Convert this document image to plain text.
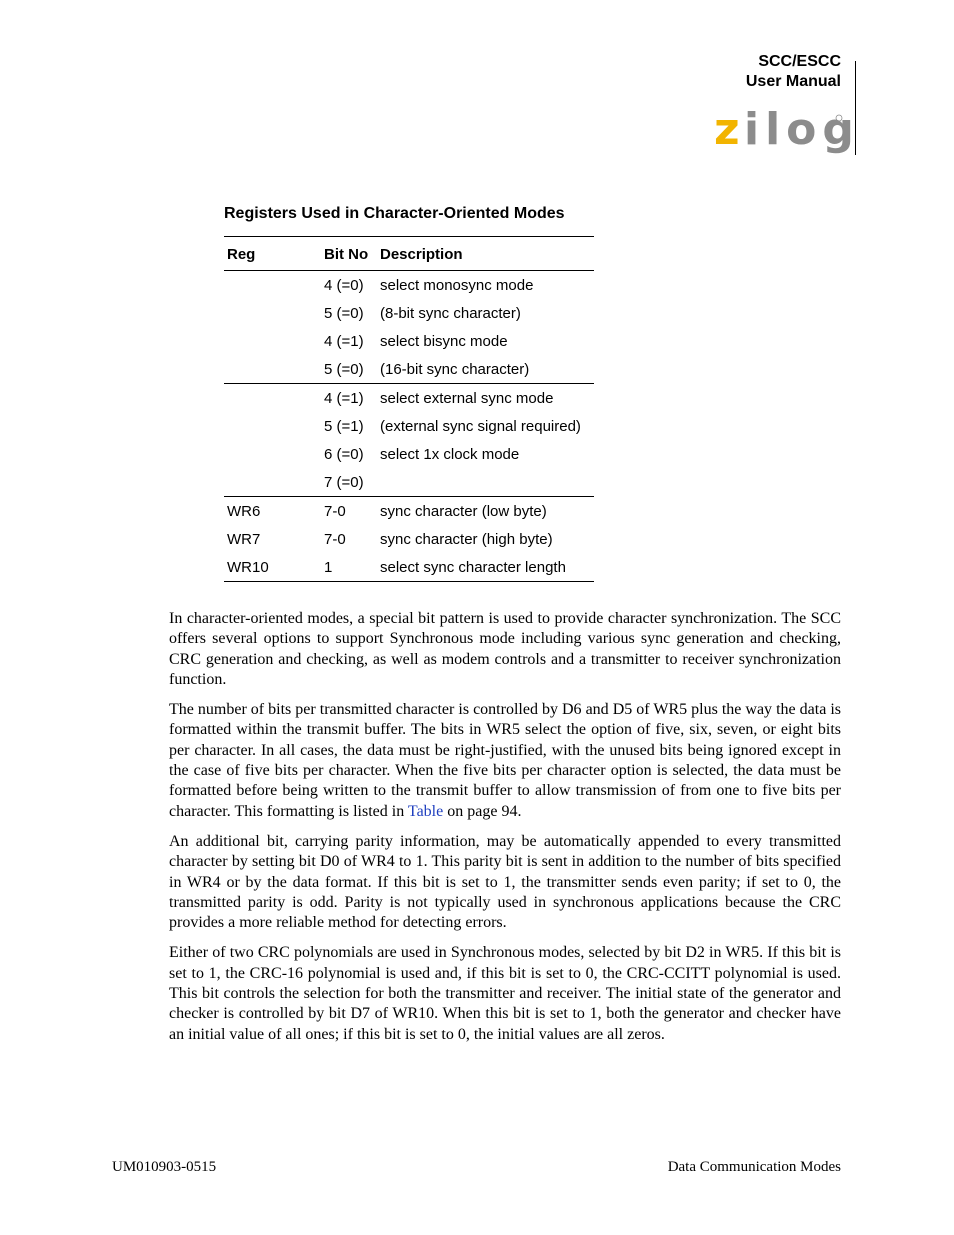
SCC/ESCC
User Manual
z ilog
Registers Used in Character-Oriented Modes
Reg	Bit No	Description
	4 (=0)	select monosync mode
	5 (=0)	(8-bit sync character)
	4 (=1)	select bisync mode
	5 (=0)	(16-bit sync character)
	4 (=1)	select external sync mode
	5 (=1)	(external sync signal required)
	6 (=0)	select 1x clock mode
	7 (=0)	
WR6	7-0	sync character (low byte)
WR7	7-0	sync character (high byte)
WR10	1	select sync character length

In character-oriented modes, a special bit pattern is used to provide character synchronization. The SCC offers several options to support Synchronous mode including various sync generation and checking, CRC generation and checking, as well as modem controls and a transmitter to receiver synchronization function.

The number of bits per transmitted character is controlled by D6 and D5 of WR5 plus the way the data is formatted within the transmit buffer. The bits in WR5 select the option of five, six, seven, or eight bits per character. In all cases, the data must be right-justified, with the unused bits being ignored except in the case of five bits per character. When the five bits per character option is selected, the data must be formatted before being written to the transmit buffer to allow transmission of from one to five bits per character. This formatting is listed in Table on page 94.

An additional bit, carrying parity information, may be automatically appended to every transmitted character by setting bit D0 of WR4 to 1. This parity bit is sent in addition to the number of bits specified in WR4 or by the data format. If this bit is set to 1, the transmitter sends even parity; if set to 0, the transmitted parity is odd. Parity is not typically used in synchronous applications because the CRC provides a more reliable method for detecting errors.

Either of two CRC polynomials are used in Synchronous modes, selected by bit D2 in WR5. If this bit is set to 1, the CRC-16 polynomial is used and, if this bit is set to 0, the CRC-CCITT polynomial is used. This bit controls the selection for both the transmitter and receiver. The initial state of the generator and checker is controlled by bit D7 of WR10. When this bit is set to 1, both the generator and checker have an initial value of all ones; if this bit is set to 0, the initial values are all zeros.

UM010903-0515	Data Communication Modes
